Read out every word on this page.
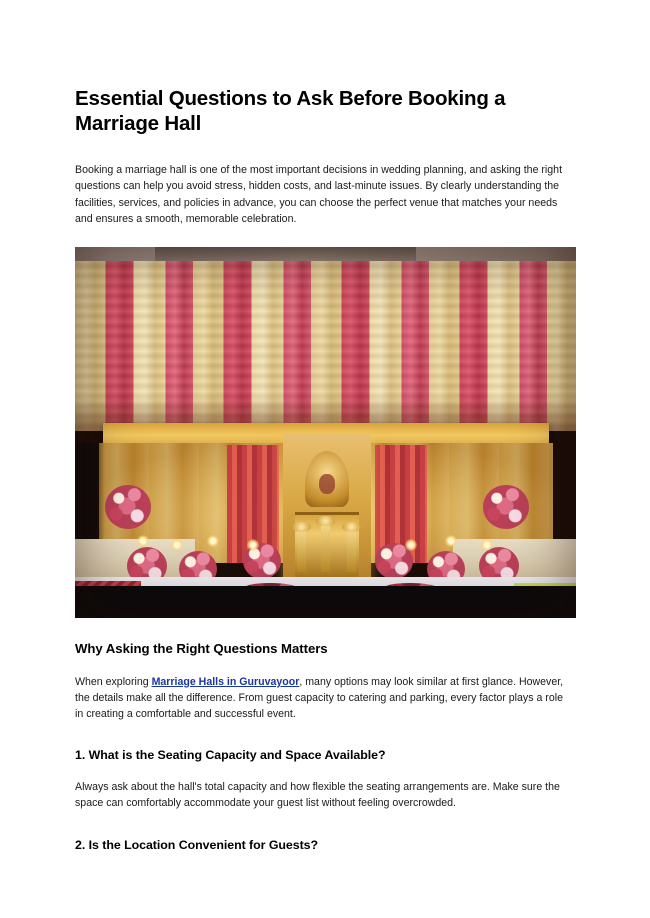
Essential Questions to Ask Before Booking a Marriage Hall

Booking a marriage hall is one of the most important decisions in wedding planning, and asking the right questions can help you avoid stress, hidden costs, and last-minute issues. By clearly understanding the facilities, services, and policies in advance, you can choose the perfect venue that matches your needs and ensures a smooth, memorable celebration.

Why Asking the Right Questions Matters

When exploring Marriage Halls in Guruvayoor, many options may look similar at first glance. However, the details make all the difference. From guest capacity to catering and parking, every factor plays a role in creating a comfortable and successful event.

1. What is the Seating Capacity and Space Available?

Always ask about the hall's total capacity and how flexible the seating arrangements are. Make sure the space can comfortably accommodate your guest list without feeling overcrowded.

2. Is the Location Convenient for Guests?
